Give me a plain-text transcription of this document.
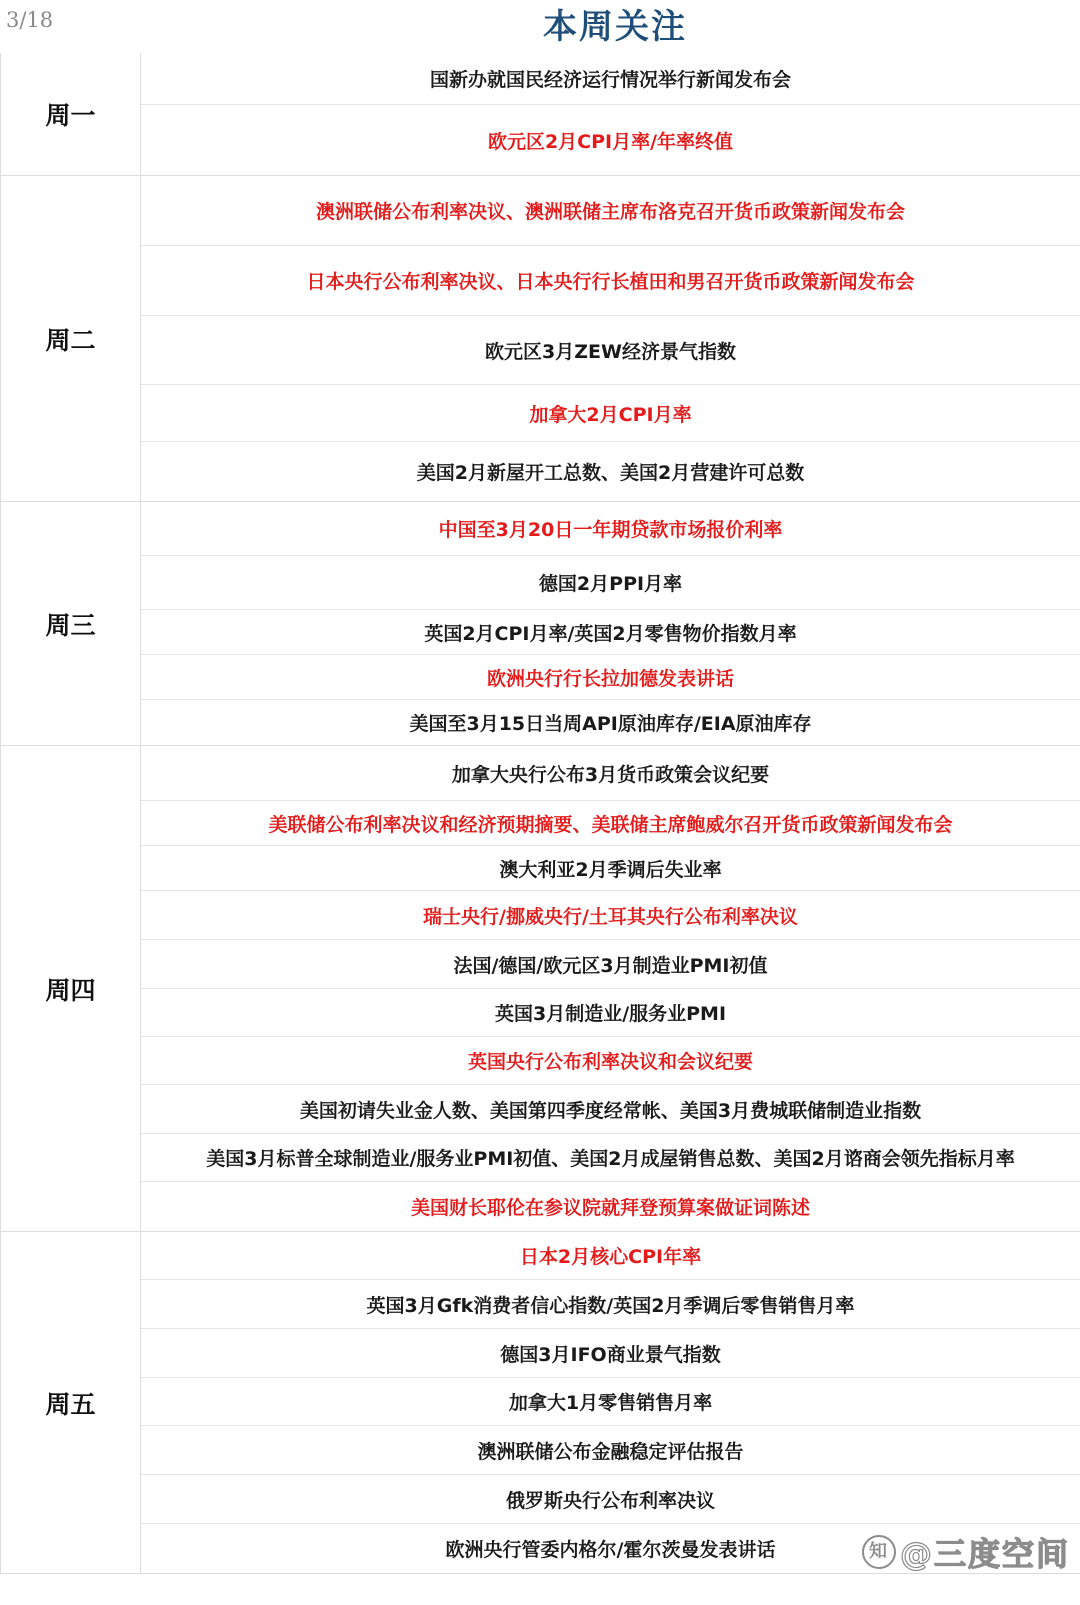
3/18	本周关注
周一
国新办就国民经济运行情况举行新闻发布会
欧元区2月CPI月率/年率终值
周二
澳洲联储公布利率决议、澳洲联储主席布洛克召开货币政策新闻发布会
日本央行公布利率决议、日本央行行长植田和男召开货币政策新闻发布会
欧元区3月ZEW经济景气指数
加拿大2月CPI月率
美国2月新屋开工总数、美国2月营建许可总数
周三
中国至3月20日一年期贷款市场报价利率
德国2月PPI月率
英国2月CPI月率/英国2月零售物价指数月率
欧洲央行行长拉加德发表讲话
美国至3月15日当周API原油库存/EIA原油库存
周四
加拿大央行公布3月货币政策会议纪要
美联储公布利率决议和经济预期摘要、美联储主席鲍威尔召开货币政策新闻发布会
澳大利亚2月季调后失业率
瑞士央行/挪威央行/土耳其央行公布利率决议
法国/德国/欧元区3月制造业PMI初值
英国3月制造业/服务业PMI
英国央行公布利率决议和会议纪要
美国初请失业金人数、美国第四季度经常帐、美国3月费城联储制造业指数
美国3月标普全球制造业/服务业PMI初值、美国2月成屋销售总数、美国2月谘商会领先指标月率
美国财长耶伦在参议院就拜登预算案做证词陈述
周五
日本2月核心CPI年率
英国3月Gfk消费者信心指数/英国2月季调后零售销售月率
德国3月IFO商业景气指数
加拿大1月零售销售月率
澳洲联储公布金融稳定评估报告
俄罗斯央行公布利率决议
欧洲央行管委内格尔/霍尔茨曼发表讲话	知 @三度空间
